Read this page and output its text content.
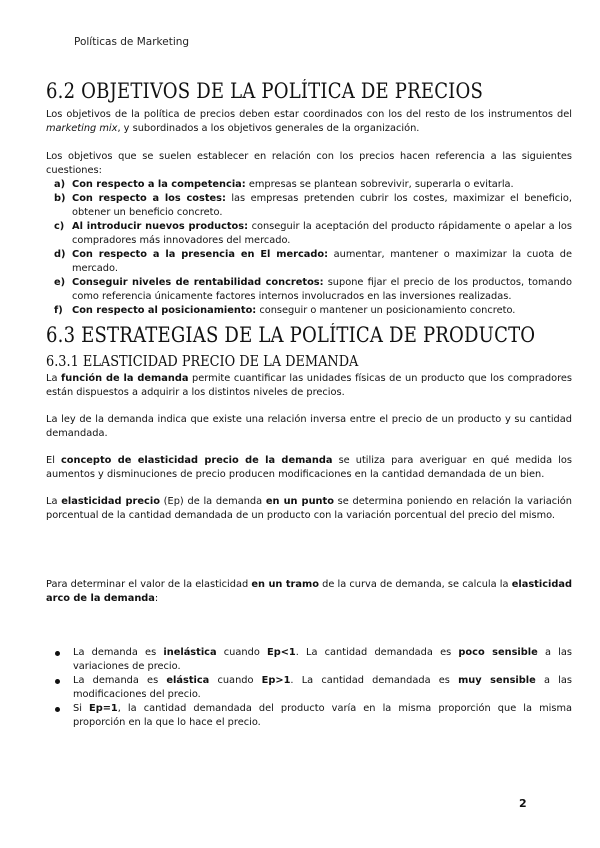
Políticas de Marketing
6.2 OBJETIVOS DE LA POLÍTICA DE PRECIOS

Los objetivos de la política de precios deben estar coordinados con los del resto de los instrumentos del marketing mix, y subordinados a los objetivos generales de la organización.

Los objetivos que se suelen establecer en relación con los precios hacen referencia a las siguientes cuestiones:

a) Con respecto a la competencia: empresas se plantean sobrevivir, superarla o evitarla.
b) Con respecto a los costes: las empresas pretenden cubrir los costes, maximizar el beneficio, obtener un beneficio concreto.
c) Al introducir nuevos productos: conseguir la aceptación del producto rápidamente o apelar a los compradores más innovadores del mercado.
d) Con respecto a la presencia en El mercado: aumentar, mantener o maximizar la cuota de mercado.
e) Conseguir niveles de rentabilidad concretos: supone fijar el precio de los productos, tomando como referencia únicamente factores internos involucrados en las inversiones realizadas.
f) Con respecto al posicionamiento: conseguir o mantener un posicionamiento concreto.
6.3 ESTRATEGIAS DE LA POLÍTICA DE PRODUCTO
6.3.1 ELASTICIDAD PRECIO DE LA DEMANDA

La función de la demanda permite cuantificar las unidades físicas de un producto que los compradores están dispuestos a adquirir a los distintos niveles de precios.

La ley de la demanda indica que existe una relación inversa entre el precio de un producto y su cantidad demandada.

El concepto de elasticidad precio de la demanda se utiliza para averiguar en qué medida los aumentos y disminuciones de precio producen modificaciones en la cantidad demandada de un bien.

La elasticidad precio (Ep) de la demanda en un punto se determina poniendo en relación la variación porcentual de la cantidad demandada de un producto con la variación porcentual del precio del mismo.

Para determinar el valor de la elasticidad en un tramo de la curva de demanda, se calcula la elasticidad arco de la demanda:

La demanda es inelástica cuando Ep<1. La cantidad demandada es poco sensible a las variaciones de precio.
La demanda es elástica cuando Ep>1. La cantidad demandada es muy sensible a las modificaciones del precio.
Si Ep=1, la cantidad demandada del producto varía en la misma proporción que la misma proporción en la que lo hace el precio.
2
